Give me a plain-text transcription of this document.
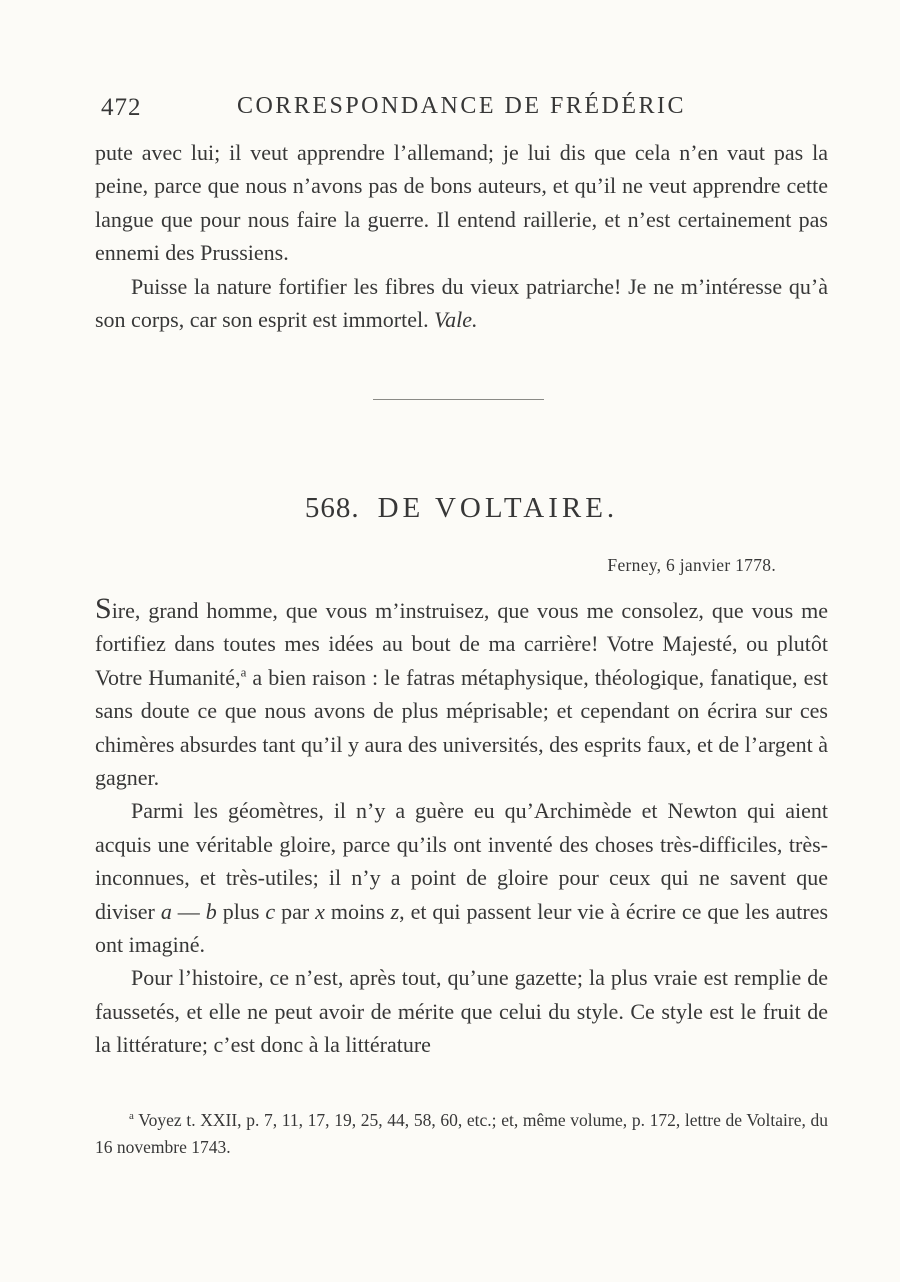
472	CORRESPONDANCE DE FRÉDÉRIC

pute avec lui; il veut apprendre l’allemand; je lui dis que cela n’en vaut pas la peine, parce que nous n’avons pas de bons auteurs, et qu’il ne veut apprendre cette langue que pour nous faire la guerre. Il entend raillerie, et n’est certainement pas ennemi des Prussiens.

Puisse la nature fortifier les fibres du vieux patriarche! Je ne m’intéresse qu’à son corps, car son esprit est immortel. Vale.

568. DE VOLTAIRE.
Ferney, 6 janvier 1778.

Sire, grand homme, que vous m’instruisez, que vous me consolez, que vous me fortifiez dans toutes mes idées au bout de ma carrière! Votre Majesté, ou plutôt Votre Humanité,$^a$ a bien raison : le fatras métaphysique, théologique, fanatique, est sans doute ce que nous avons de plus méprisable; et cependant on écrira sur ces chimères absurdes tant qu’il y aura des universités, des esprits faux, et de l’argent à gagner.

Parmi les géomètres, il n’y a guère eu qu’Archimède et Newton qui aient acquis une véritable gloire, parce qu’ils ont inventé des choses très-difficiles, très-inconnues, et très-utiles; il n’y a point de gloire pour ceux qui ne savent que diviser a — b plus c par x moins z, et qui passent leur vie à écrire ce que les autres ont imaginé.

Pour l’histoire, ce n’est, après tout, qu’une gazette; la plus vraie est remplie de faussetés, et elle ne peut avoir de mérite que celui du style. Ce style est le fruit de la littérature; c’est donc à la littérature

$^a$ Voyez t. XXII, p. 7, 11, 17, 19, 25, 44, 58, 60, etc.; et, même volume, p. 172, lettre de Voltaire, du 16 novembre 1743.
